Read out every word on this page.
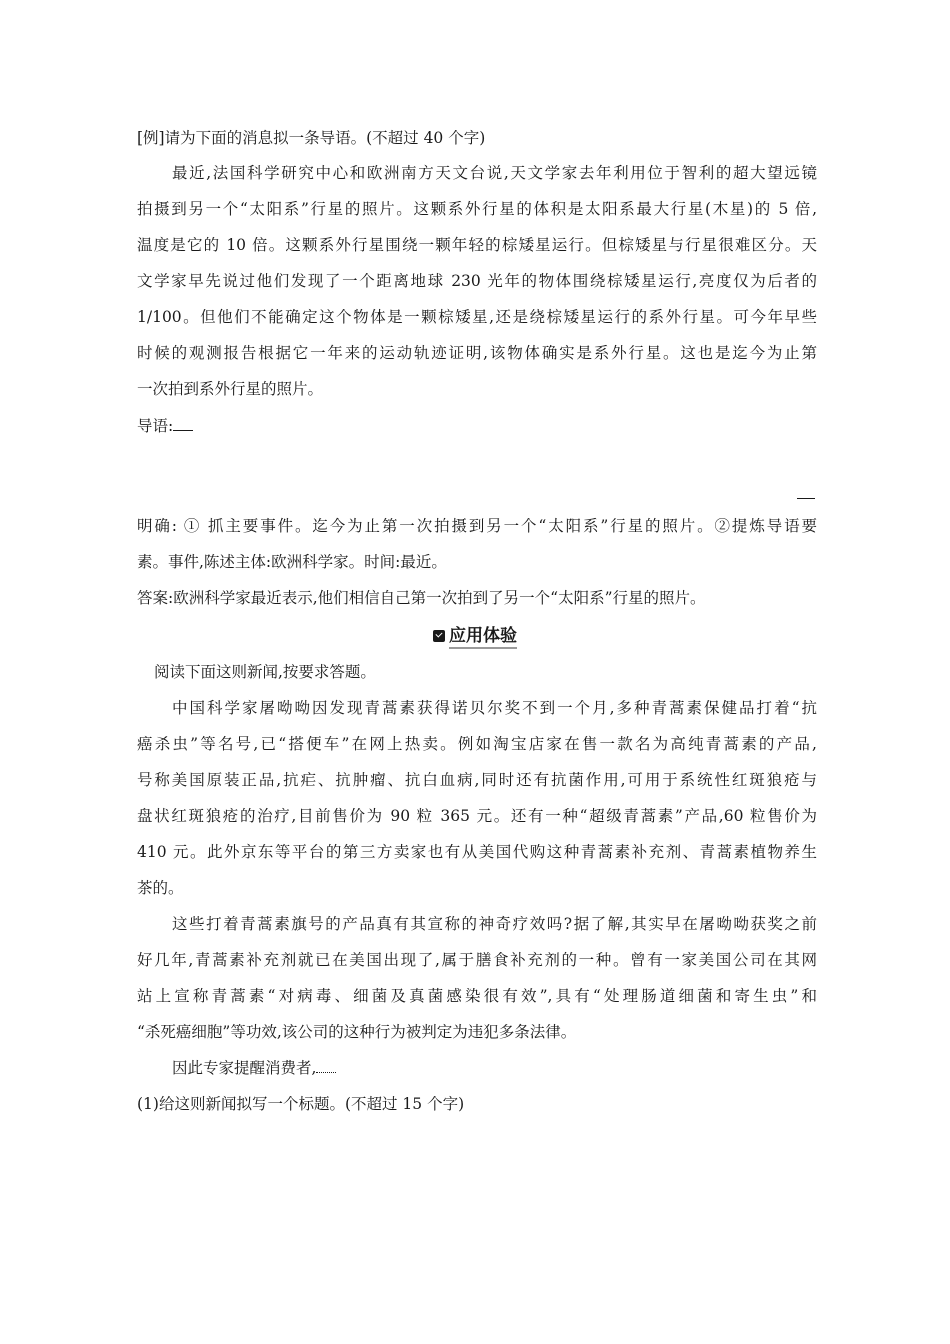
[例]请为下面的消息拟一条导语。(不超过 40 个字)
最近,法国科学研究中心和欧洲南方天文台说,天文学家去年利用位于智利的超大望远镜
拍摄到另一个“太阳系”行星的照片。这颗系外行星的体积是太阳系最大行星(木星)的 5 倍,
温度是它的 10 倍。这颗系外行星围绕一颗年轻的棕矮星运行。但棕矮星与行星很难区分。天
文学家早先说过他们发现了一个距离地球 230 光年的物体围绕棕矮星运行,亮度仅为后者的
1/100。但他们不能确定这个物体是一颗棕矮星,还是绕棕矮星运行的系外行星。可今年早些
时候的观测报告根据它一年来的运动轨迹证明,该物体确实是系外行星。这也是迄今为止第
一次拍到系外行星的照片。
导语:
明确: ① 抓主要事件。迄今为止第一次拍摄到另一个“太阳系”行星的照片。②提炼导语要
素。事件,陈述主体:欧洲科学家。时间:最近。
答案:欧洲科学家最近表示,他们相信自己第一次拍到了另一个“太阳系”行星的照片。
应用体验
阅读下面这则新闻,按要求答题。
中国科学家屠呦呦因发现青蒿素获得诺贝尔奖不到一个月,多种青蒿素保健品打着“抗
癌杀虫”等名号,已“搭便车”在网上热卖。例如淘宝店家在售一款名为高纯青蒿素的产品,
号称美国原装正品,抗疟、抗肿瘤、抗白血病,同时还有抗菌作用,可用于系统性红斑狼疮与
盘状红斑狼疮的治疗,目前售价为 90 粒 365 元。还有一种“超级青蒿素”产品,60 粒售价为
410 元。此外京东等平台的第三方卖家也有从美国代购这种青蒿素补充剂、青蒿素植物养生
茶的。
这些打着青蒿素旗号的产品真有其宣称的神奇疗效吗?据了解,其实早在屠呦呦获奖之前
好几年,青蒿素补充剂就已在美国出现了,属于膳食补充剂的一种。曾有一家美国公司在其网
站上宣称青蒿素“对病毒、细菌及真菌感染很有效”,具有“处理肠道细菌和寄生虫”和
“杀死癌细胞”等功效,该公司的这种行为被判定为违犯多条法律。
因此专家提醒消费者,
(1)给这则新闻拟写一个标题。(不超过 15 个字)
